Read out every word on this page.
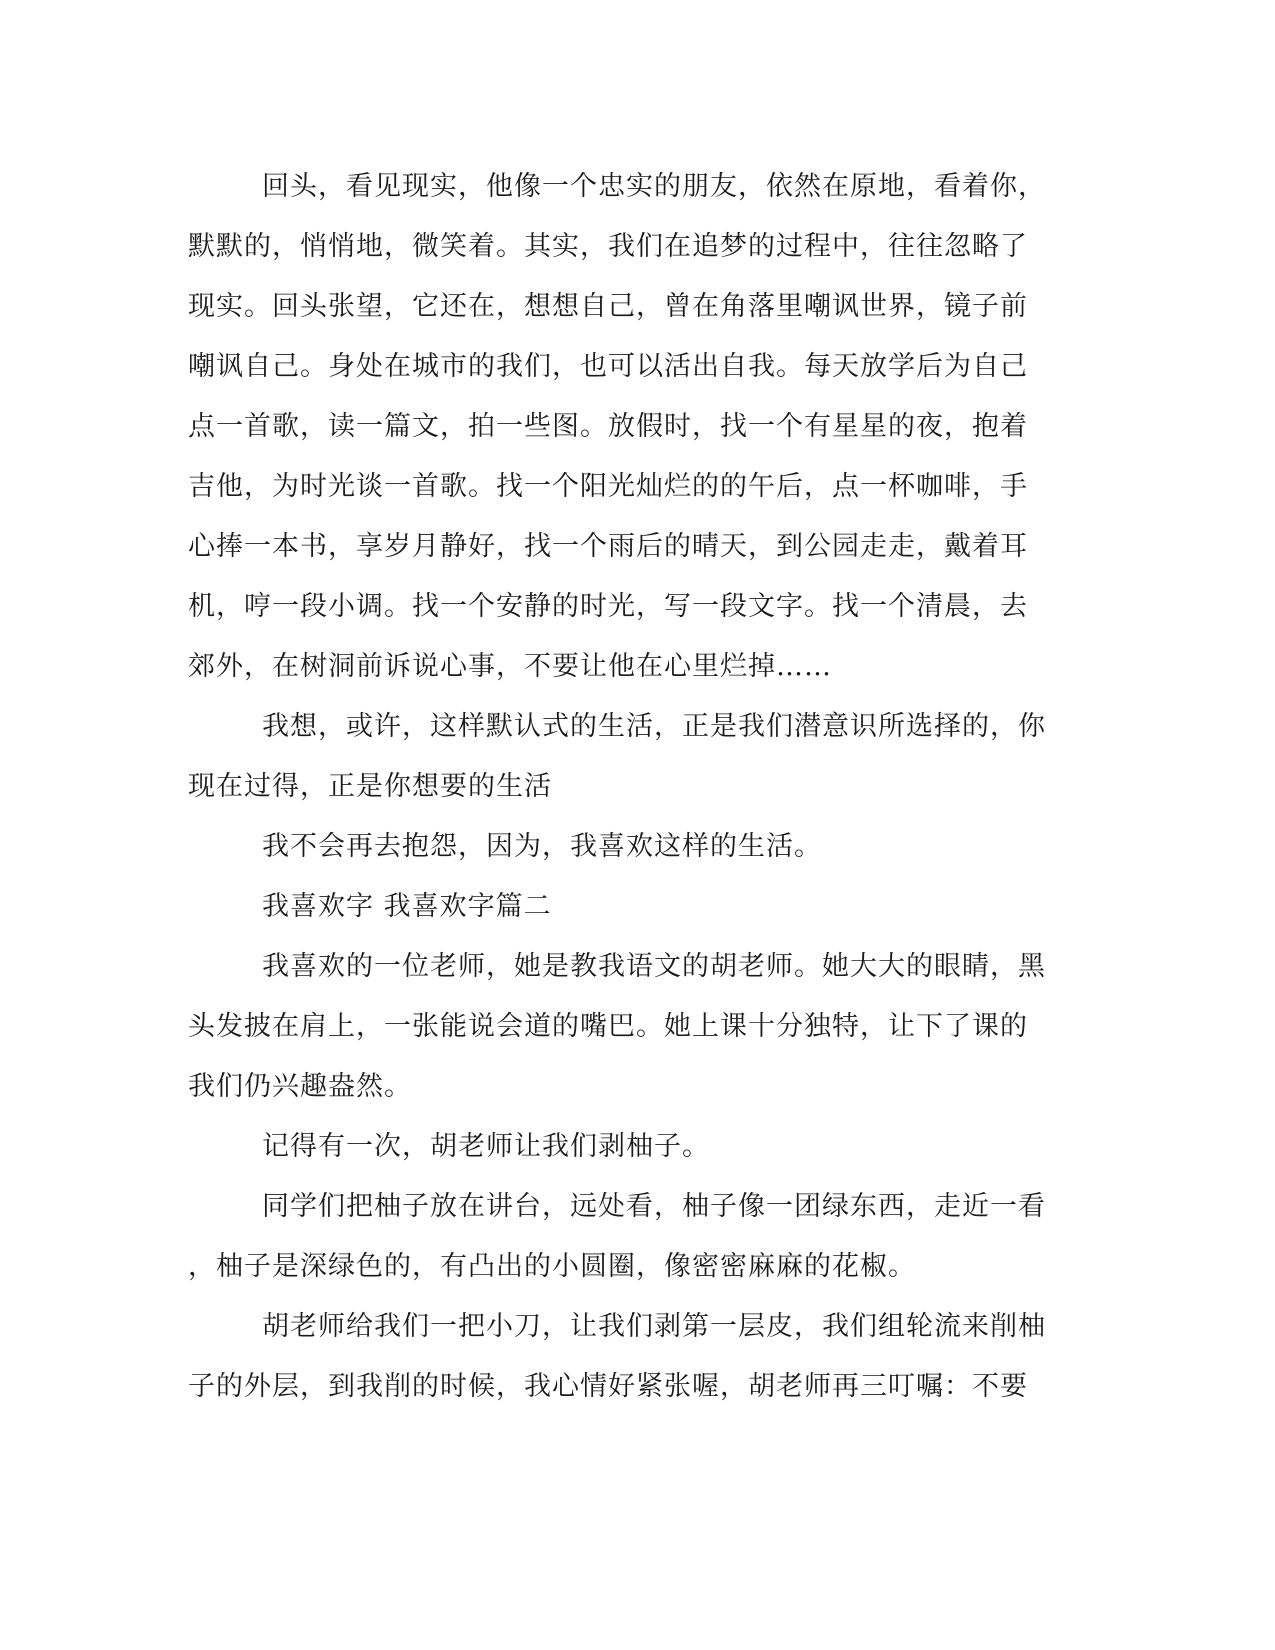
回头，看见现实，他像一个忠实的朋友，依然在原地，看着你，
默默的，悄悄地，微笑着。其实，我们在追梦的过程中，往往忽略了
现实。回头张望，它还在，想想自己，曾在角落里嘲讽世界，镜子前
嘲讽自己。身处在城市的我们，也可以活出自我。每天放学后为自己
点一首歌，读一篇文，拍一些图。放假时，找一个有星星的夜，抱着
吉他，为时光谈一首歌。找一个阳光灿烂的的午后，点一杯咖啡，手
心捧一本书，享岁月静好，找一个雨后的晴天，到公园走走，戴着耳
机，哼一段小调。找一个安静的时光，写一段文字。找一个清晨，去
郊外，在树洞前诉说心事，不要让他在心里烂掉……
我想，或许，这样默认式的生活，正是我们潜意识所选择的，你
现在过得，正是你想要的生活
我不会再去抱怨，因为，我喜欢这样的生活。
我喜欢字 我喜欢字篇二
我喜欢的一位老师，她是教我语文的胡老师。她大大的眼睛，黑
头发披在肩上，一张能说会道的嘴巴。她上课十分独特，让下了课的
我们仍兴趣盎然。
记得有一次，胡老师让我们剥柚子。
同学们把柚子放在讲台，远处看，柚子像一团绿东西，走近一看
，柚子是深绿色的，有凸出的小圆圈，像密密麻麻的花椒。
胡老师给我们一把小刀，让我们剥第一层皮，我们组轮流来削柚
子的外层，到我削的时候，我心情好紧张喔，胡老师再三叮嘱：不要
